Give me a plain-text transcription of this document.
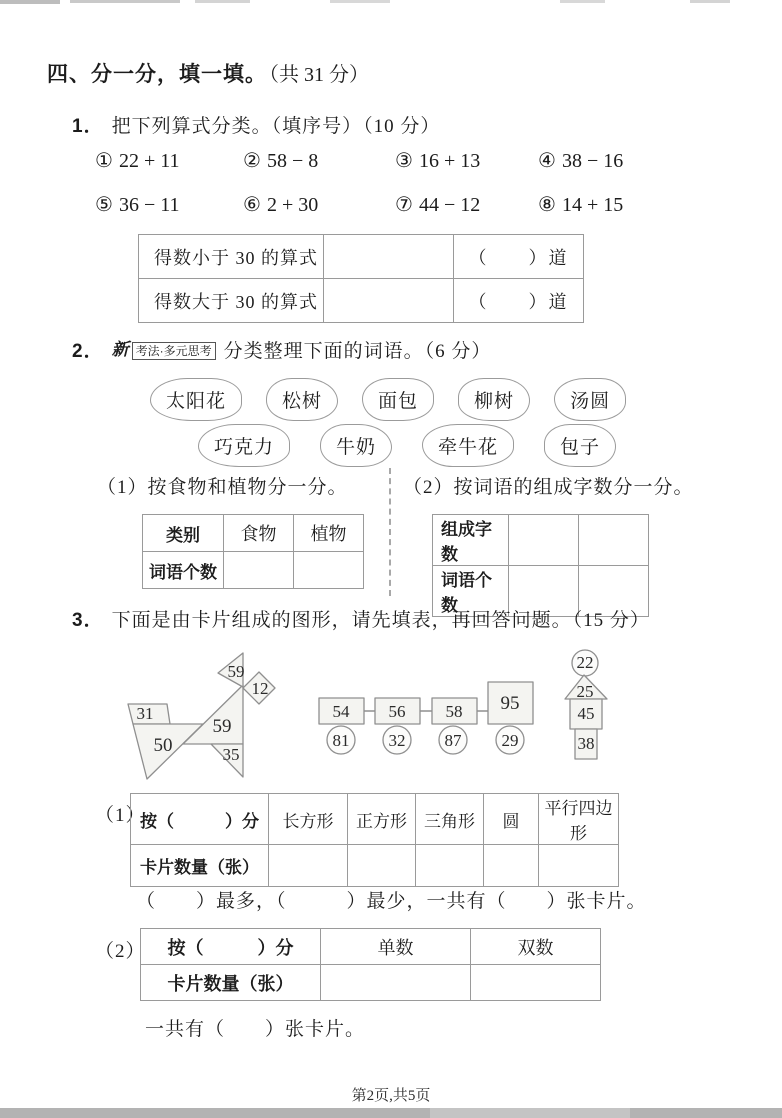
四、分一分，填一填。 （共 31 分）
1． 把下列算式分类。（填序号）（10 分）
① 22 + 11	② 58 − 8	③ 16 + 13	④ 38 − 16
⑤ 36 − 11	⑥ 2 + 30	⑦ 44 − 12	⑧ 14 + 15
得数小于 30 的算式		（　　）道
得数大于 30 的算式		（　　）道
2． 新 考法·多元思考 分类整理下面的词语。（6 分）
太阳花	松树	面包	柳树	汤圆
巧克力	牛奶	牵牛花	包子
（1）按食物和植物分一分。	（2）按词语的组成字数分一分。
类别	食物	植物
词语个数		
组成字数		
词语个数		
3． 下面是由卡片组成的图形，请先填表，再回答问题。（15 分）
31
50
59
35
59
12
54 56 58 95
81 32 87 29
22
25
45
38
（1）
按（　　　）分	长方形	正方形	三角形	圆	平行四边形
卡片数量（张）					
（　　）最多，（　　　）最少，一共有（　　）张卡片。
（2） 按（　　　）分	单数	双数
卡片数量（张）		
一共有（　　）张卡片。
第2页,共5页
